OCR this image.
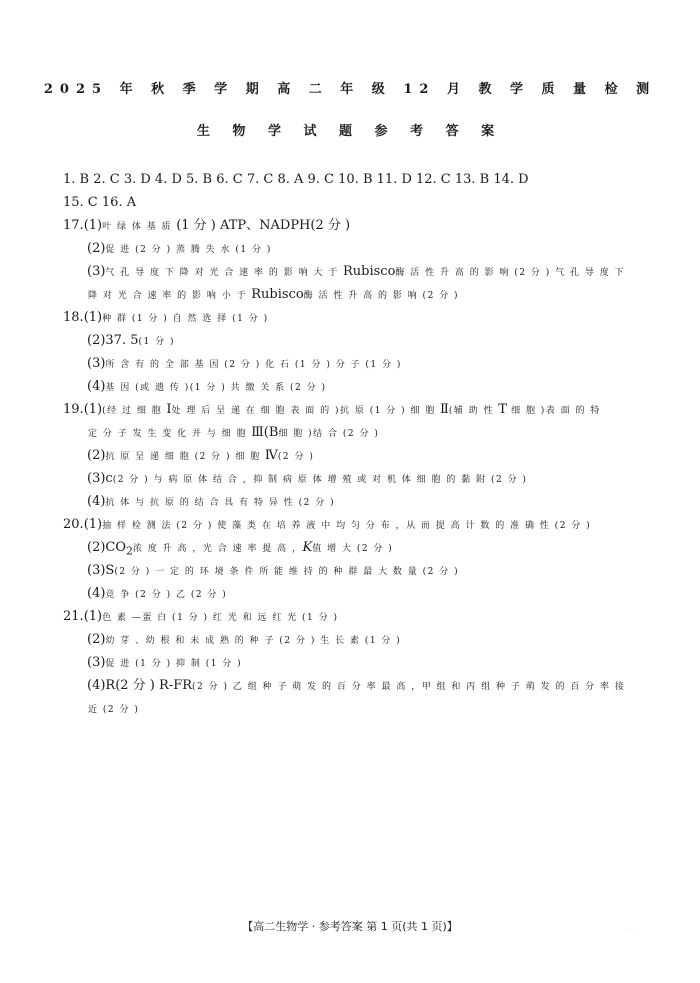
2025 年 秋 季 学 期 高 二 年 级 12 月 教 学 质 量 检 测
生 物 学 试 题 参 考 答 案
1. B 2. C 3. D 4. D 5. B 6. C 7. C 8. A 9. C 10. B 11. D 12. C 13. B 14. D
15. C 16. A
17.(1)叶 绿 体 基 质 (1 分 ) ATP、NADPH(2 分 )
(2)促 进 (2 分 ) 蒸 腾 失 水 (1 分 )
(3)气 孔 导 度 下 降 对 光 合 速 率 的 影 响 大 于 Rubisco酶 活 性 升 高 的 影 响 (2 分 ) 气 孔 导 度 下
降 对 光 合 速 率 的 影 响 小 于 Rubisco酶 活 性 升 高 的 影 响 (2 分 )
18.(1)种 群 (1 分 ) 自 然 选 择 (1 分 )
(2)37. 5(1 分 )
(3)所 含 有 的 全 部 基 因 (2 分 ) 化 石 (1 分 ) 分 子 (1 分 )
(4)基 因 (或 遗 传 )(1 分 ) 共 缴 关 系 (2 分 )
19.(1)(经 过 细 胞 Ⅰ处 理 后 呈 递 在 细 胞 表 面 的 )抗 原 (1 分 ) 细 胞 Ⅱ(辅 助 性 T 细 胞 )表 面 的 特
定 分 子 发 生 变 化 并 与 细 胞 Ⅲ(B细 胞 )结 合 (2 分 )
(2)抗 原 呈 递 细 胞 (2 分 ) 细 胞 Ⅳ(2 分 )
(3)c(2 分 ) 与 病 原 体 结 合 ，抑 制 病 原 体 增 殖 或 对 机 体 细 胞 的 黏 附 (2 分 )
(4)抗 体 与 抗 原 的 结 合 具 有 特 异 性 (2 分 )
20.(1)抽 样 检 测 法 (2 分 ) 使 藻 类 在 培 养 液 中 均 匀 分 布 ，从 而 提 高 计 数 的 准 确 性 (2 分 )
$(2)CO_2$浓 度 升 高 ，光 合 速 率 提 高 ，K值 增 大 (2 分 )
(3)S(2 分 ) 一 定 的 环 境 条 件 所 能 维 持 的 种 群 最 大 数 量 (2 分 )
(4)竞 争 (2 分 ) 乙 (2 分 )
21.(1)色 素 —蛋 白 (1 分 ) 红 光 和 远 红 光 (1 分 )
(2)幼 芽 、幼 根 和 未 成 熟 的 种 子 (2 分 ) 生 长 素 (1 分 )
(3)促 进 (1 分 ) 抑 制 (1 分 )
(4)R(2 分 ) R-FR(2 分 ) 乙 组 种 子 萌 发 的 百 分 率 最 高 ，甲 组 和 丙 组 种 子 萌 发 的 百 分 率 接
近 (2 分 )
【高二生物学 · 参考答案 第 1 页(共 1 页)】	· · ·
